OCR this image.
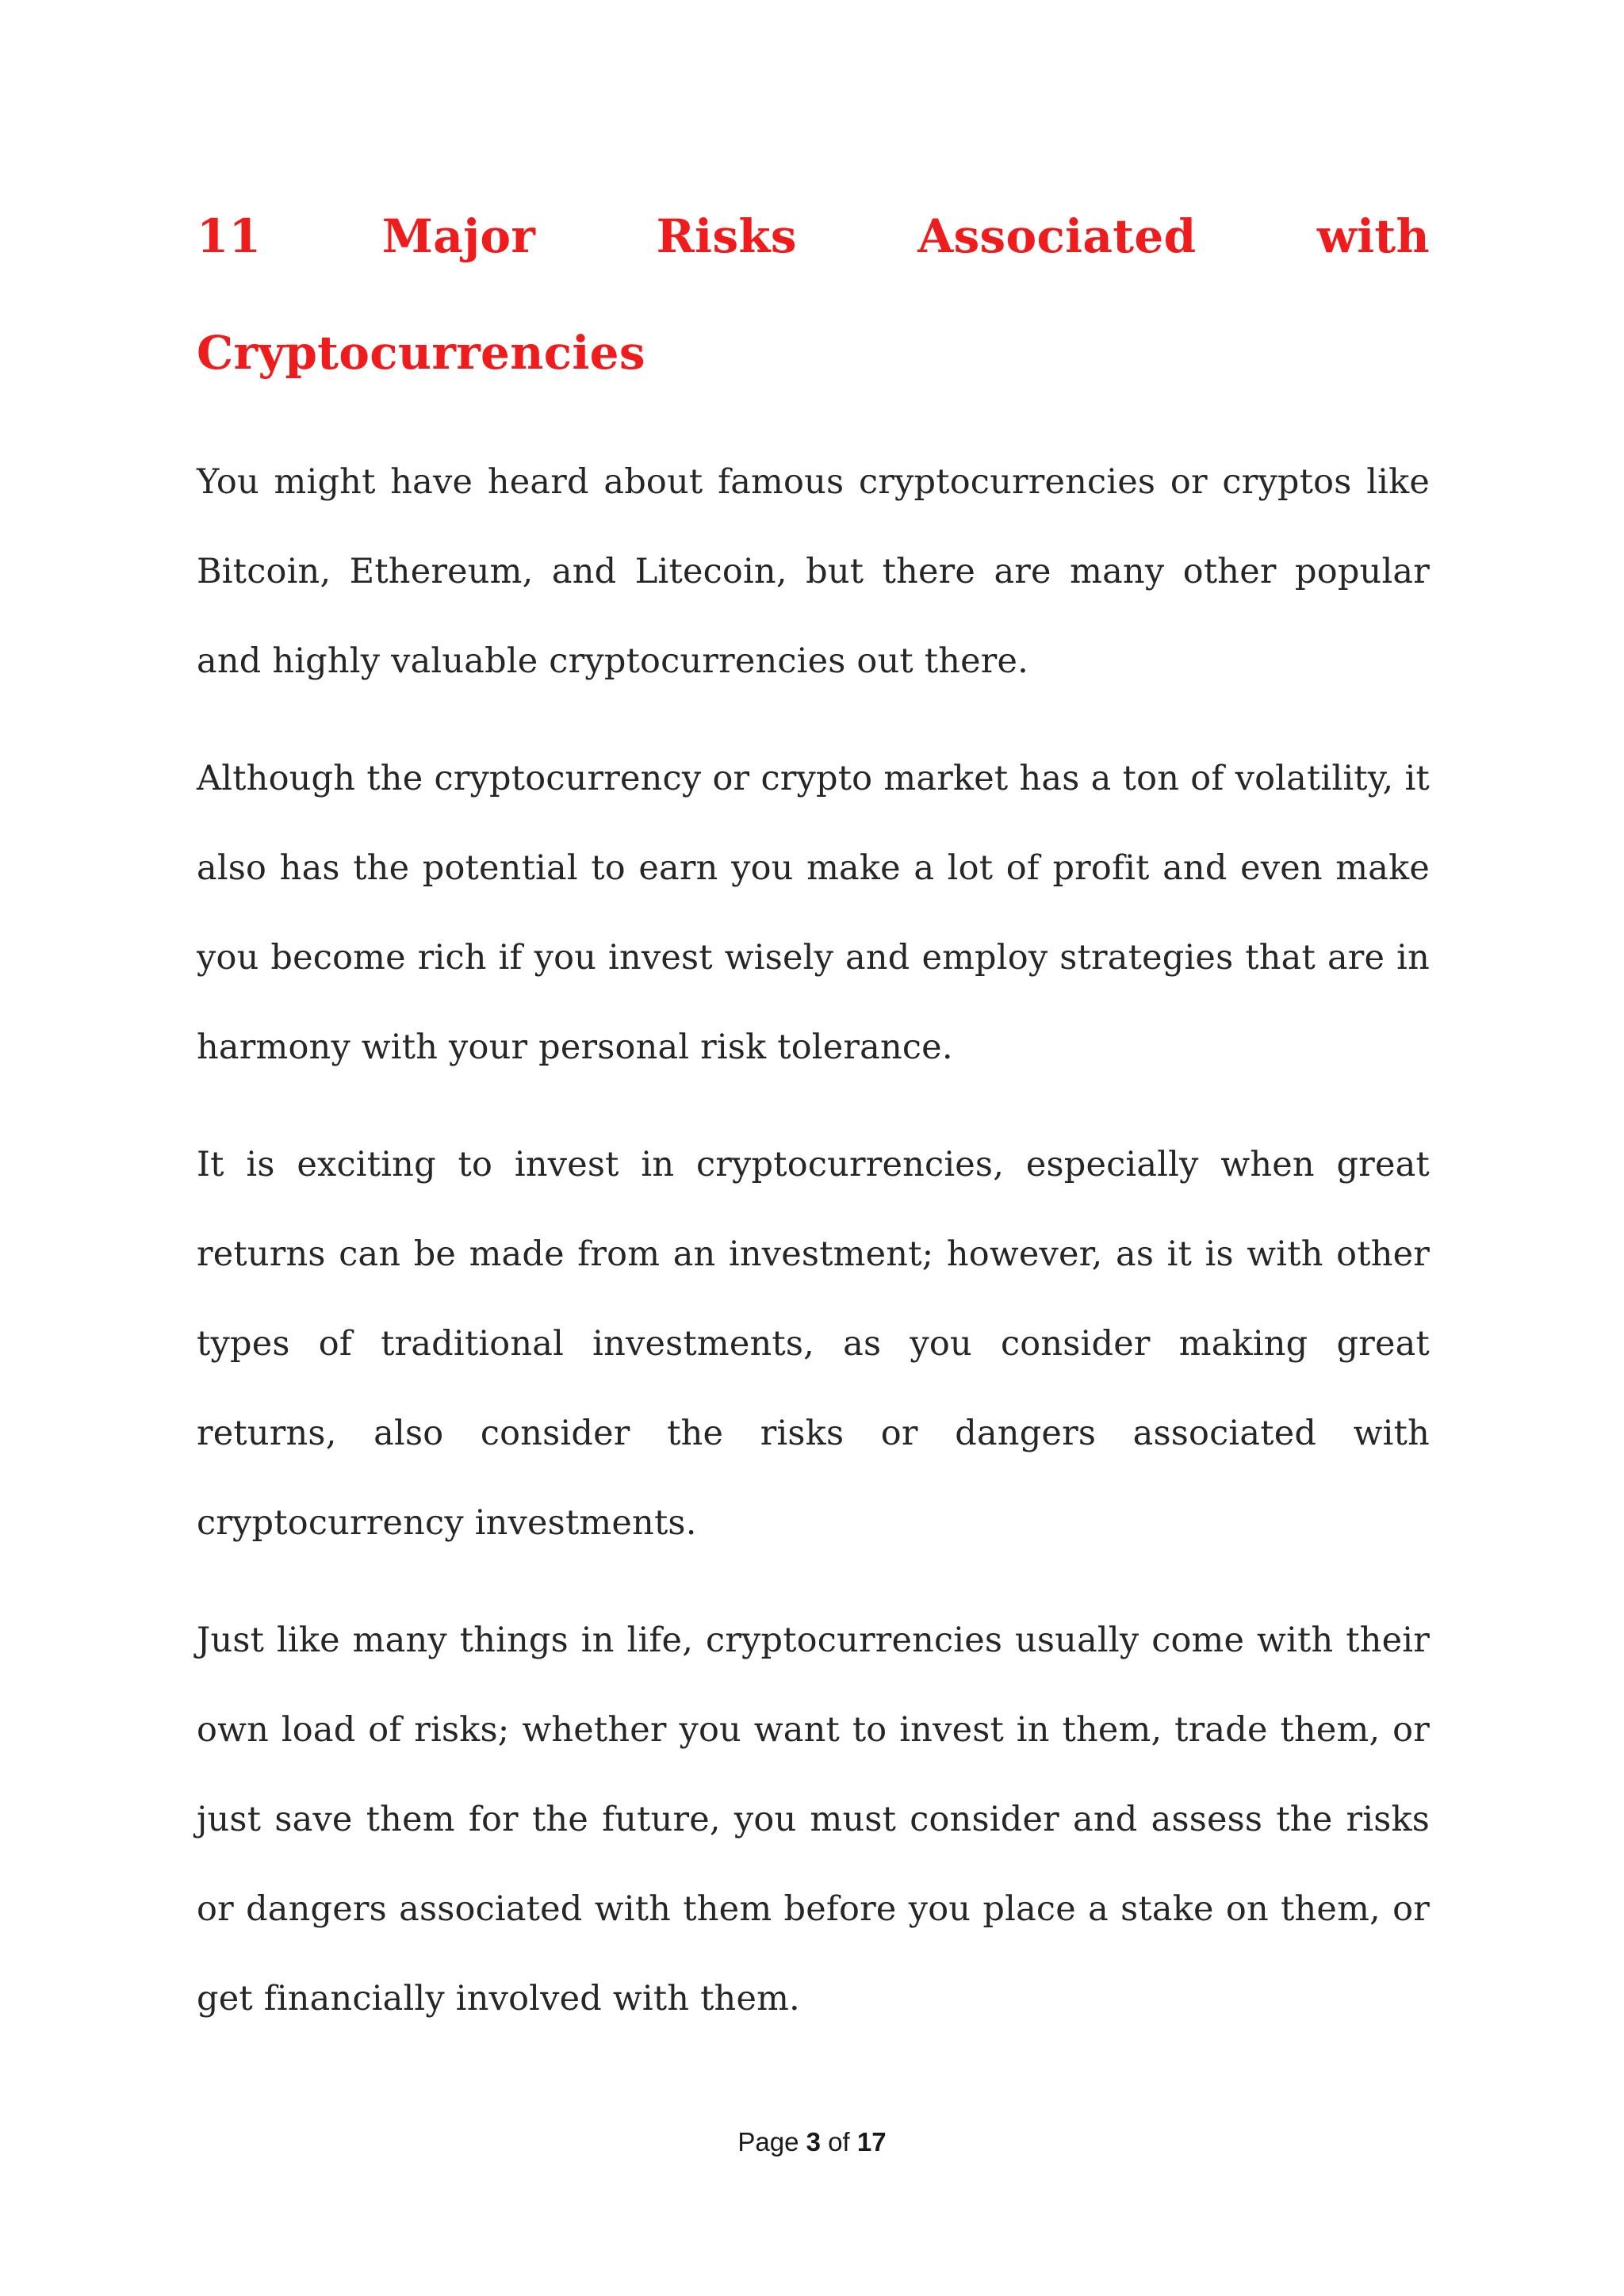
11 Major Risks Associated with Cryptocurrencies

You might have heard about famous cryptocurrencies or cryptos like Bitcoin, Ethereum, and Litecoin, but there are many other popular and highly valuable cryptocurrencies out there.

Although the cryptocurrency or crypto market has a ton of volatility, it also has the potential to earn you make a lot of profit and even make you become rich if you invest wisely and employ strategies that are in harmony with your personal risk tolerance.

It is exciting to invest in cryptocurrencies, especially when great returns can be made from an investment; however, as it is with other types of traditional investments, as you consider making great returns, also consider the risks or dangers associated with cryptocurrency investments.

Just like many things in life, cryptocurrencies usually come with their own load of risks; whether you want to invest in them, trade them, or just save them for the future, you must consider and assess the risks or dangers associated with them before you place a stake on them, or get financially involved with them.

Page 3 of 17
